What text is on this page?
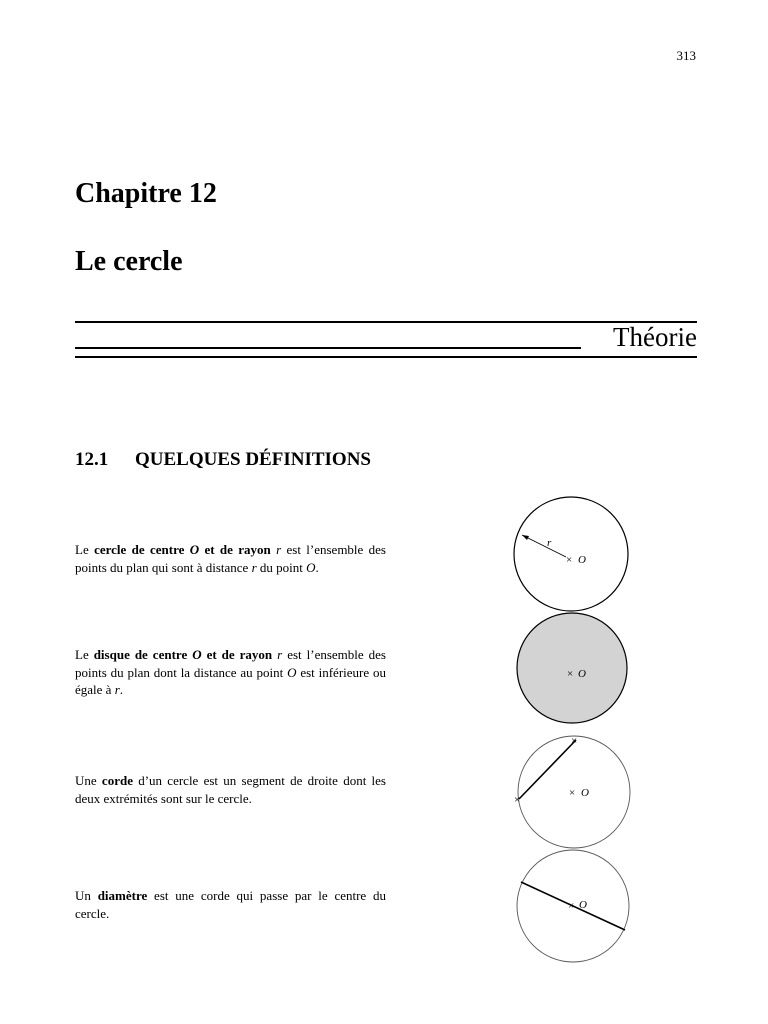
313
Chapitre 12
Le cercle
Théorie
12.1 QUELQUES DÉFINITIONS
Le cercle de centre O et de rayon r est l’ensemble des points du plan qui sont à distance r du point O.
Le disque de centre O et de rayon r est l’ensemble des points du plan dont la distance au point O est inférieure ou égale à r.
Une corde d’un cercle est un segment de droite dont les deux extrémités sont sur le cercle.
Un diamètre est une corde qui passe par le centre du cercle.
r
× O
× O
×
×
× O
× O
